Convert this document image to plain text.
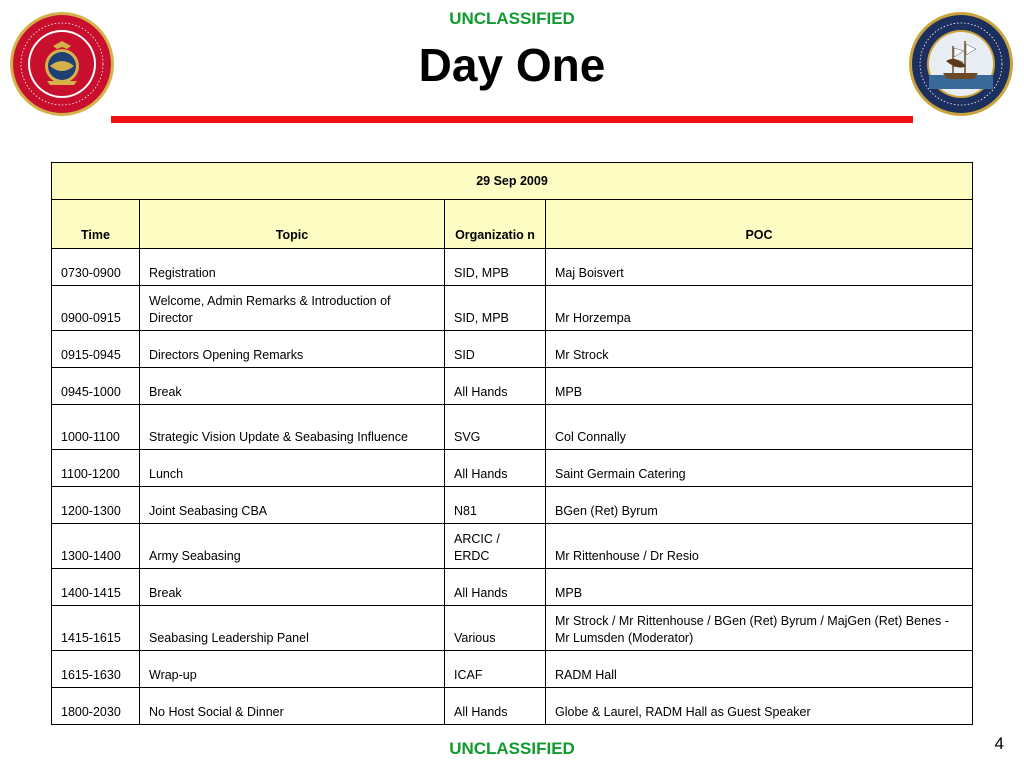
UNCLASSIFIED
Day One
29 Sep 2009			
Time	Topic	Organizatio n	POC
0730-0900	Registration	SID, MPB	Maj Boisvert
0900-0915	Welcome, Admin Remarks & Introduction of Director	SID, MPB	Mr Horzempa
0915-0945	Directors Opening Remarks	SID	Mr Strock
0945-1000	Break	All Hands	MPB
1000-1100	Strategic Vision Update & Seabasing Influence	SVG	Col Connally
1100-1200	Lunch	All Hands	Saint Germain Catering
1200-1300	Joint Seabasing CBA	N81	BGen (Ret) Byrum
1300-1400	Army Seabasing	ARCIC / ERDC	Mr Rittenhouse / Dr Resio
1400-1415	Break	All Hands	MPB
1415-1615	Seabasing Leadership Panel	Various	Mr Strock / Mr Rittenhouse / BGen (Ret) Byrum / MajGen (Ret) Benes - Mr Lumsden (Moderator)
1615-1630	Wrap-up	ICAF	RADM Hall
1800-2030	No Host Social & Dinner	All Hands	Globe & Laurel, RADM Hall as Guest Speaker
UNCLASSIFIED	4
